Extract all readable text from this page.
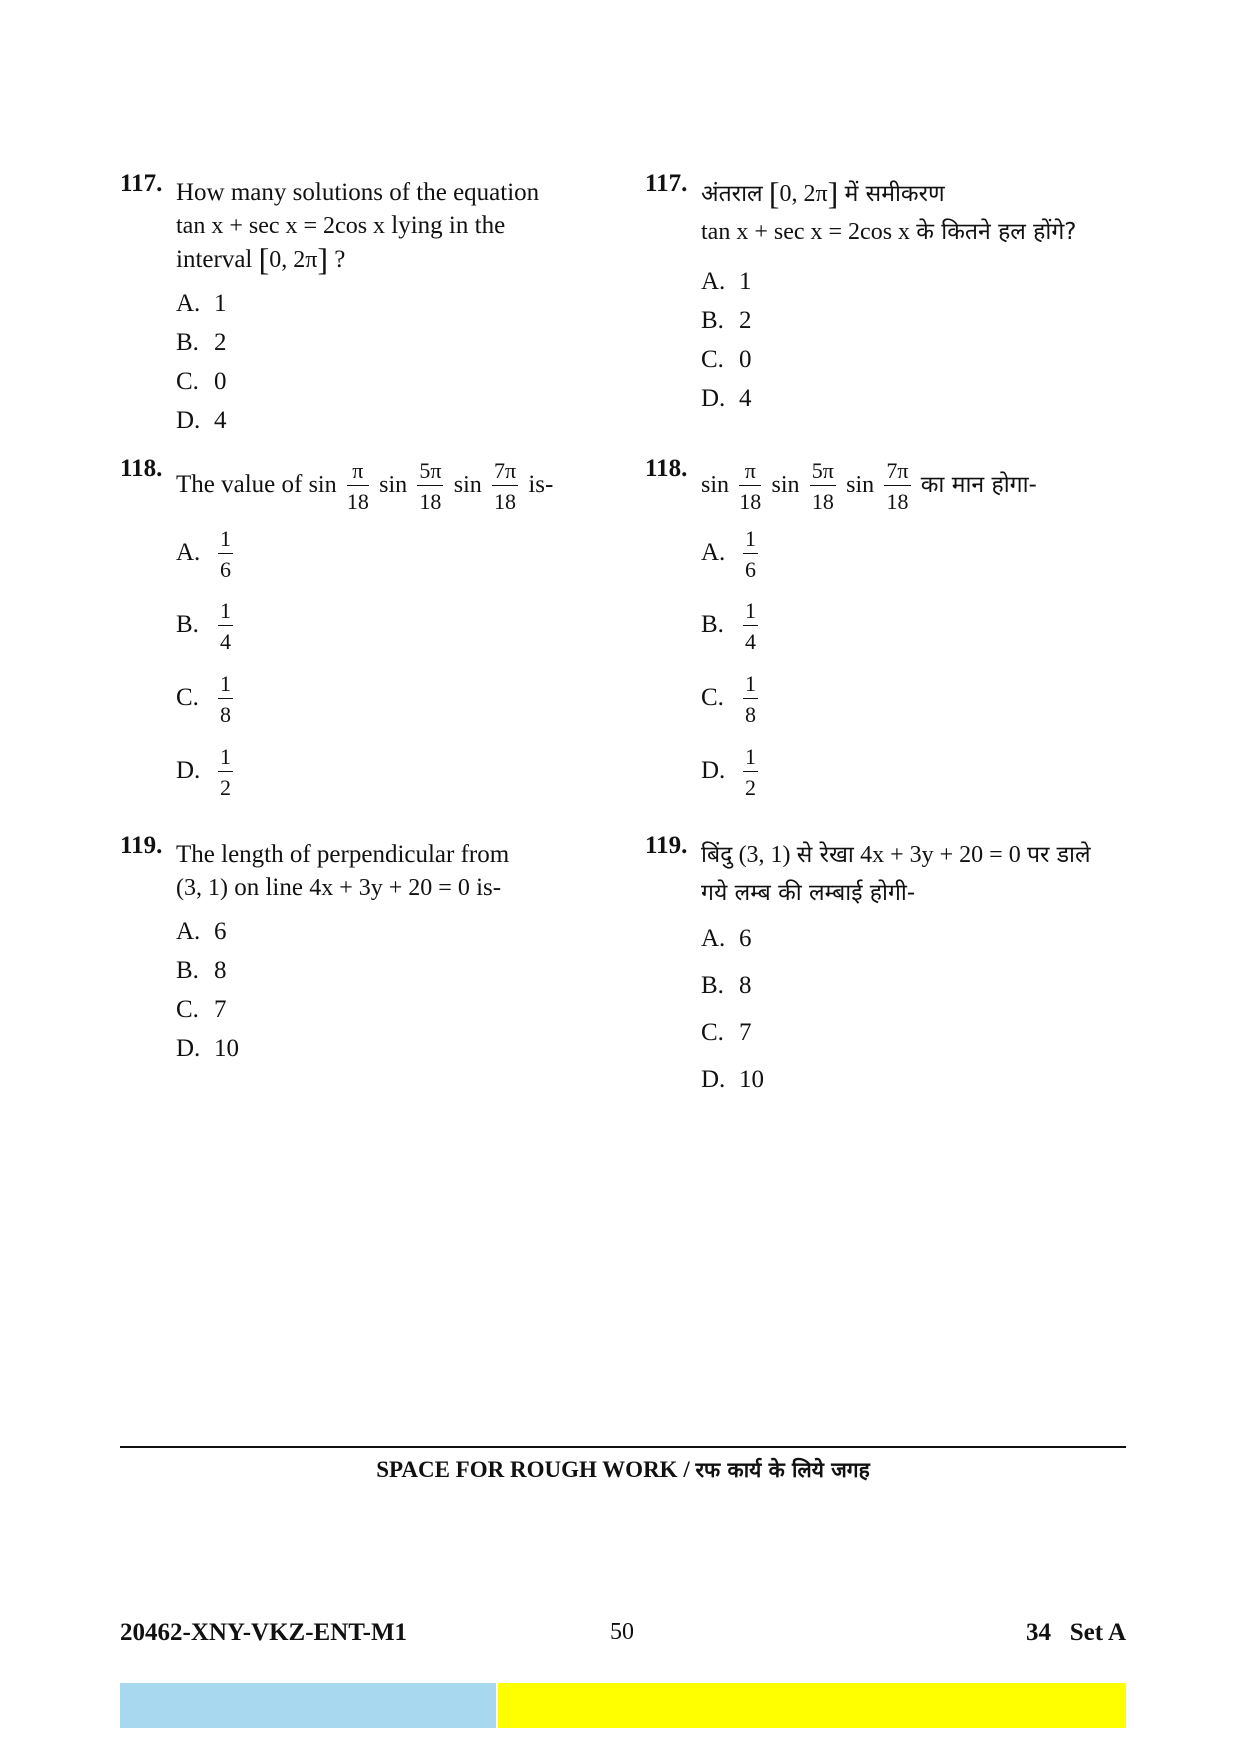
117. How many solutions of the equation
tan x + sec x = 2cos x lying in the
interval [0, 2π] ?
A. 1
B. 2
C. 0
D. 4
118.
The value of $\sin \frac{\pi}{18}$ $\sin \frac{5\pi}{18}$ $\sin \frac{7\pi}{18} is-$
A. $\frac{1}{6}$
B. $\frac{1}{4}$
C. $\frac{1}{8}$
D. $\frac{1}{2}$
119. The length of perpendicular from
(3, 1) on line 4x + 3y + 20 = 0 is-
A. 6
B. 8
C. 7
D. 10
117. अंतराल [0, 2π] में समीकरण
tan x + sec x = 2cos x के कितने हल होंगे?
A. 1
B. 2
C. 0
D. 4
118.
$\sin \frac{\pi}{18}$ $\sin \frac{5\pi}{18}$ $\sin \frac{7\pi}{18}$ का मान होगा-
A. $\frac{1}{6}$
B. $\frac{1}{4}$
C. $\frac{1}{8}$
D. $\frac{1}{2}$
119. बिंदु (3, 1) से रेखा 4x + 3y + 20 = 0 पर डाले
गये लम्ब की लम्बाई होगी-
A. 6
B. 8
C. 7
D. 10
SPACE FOR ROUGH WORK / रफ कार्य के लिये जगह
20462-XNY-VKZ-ENT-M1	50	34   Set A
